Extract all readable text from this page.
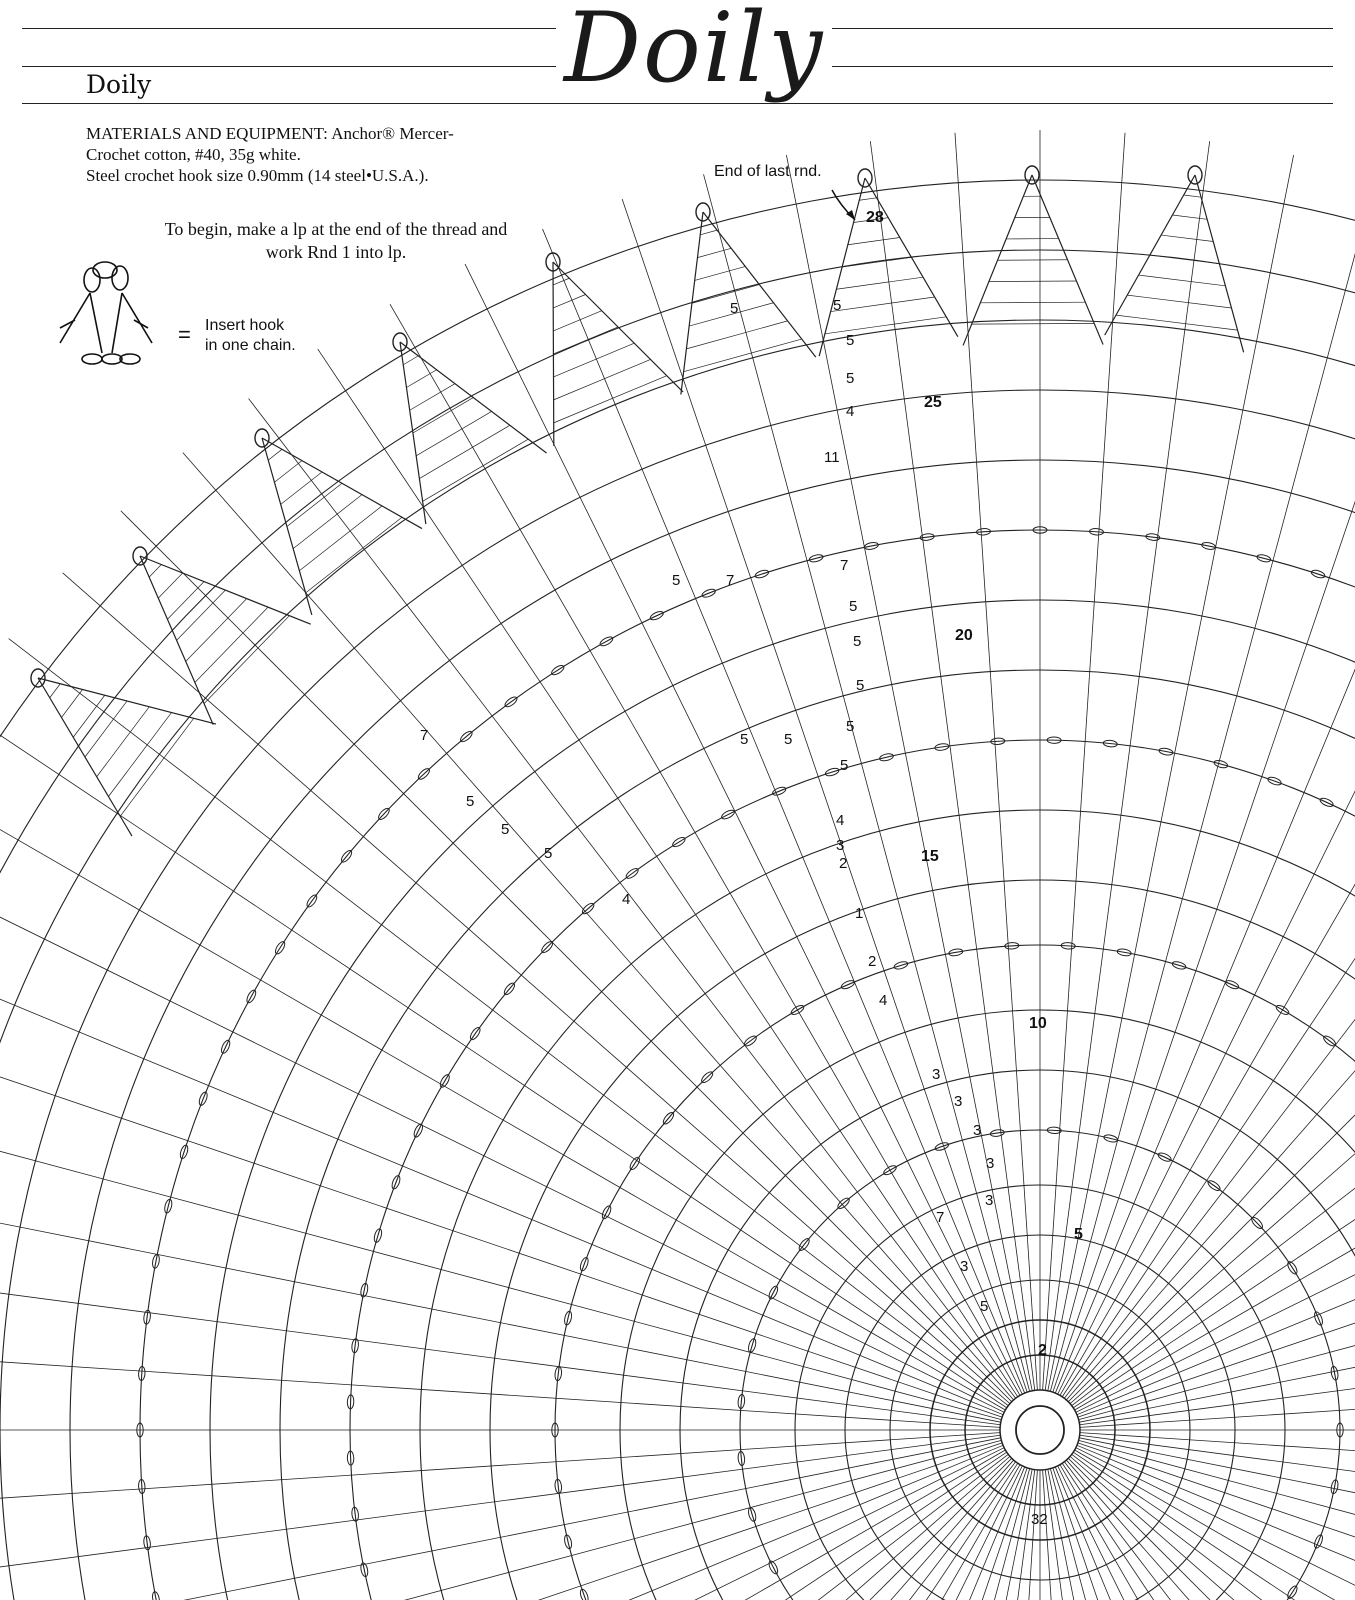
Doily
Doily
MATERIALS AND EQUIPMENT: Anchor® Mercer-
Crochet cotton, #40, 35g white.
Steel crochet hook size 0.90mm (14 steel•U.S.A.).
To begin, make a lp at the end of the thread and
work Rnd 1 into lp.
= Insert hook
in one chain.
End of last rnd.
28
25
20
15
10
5
2
32
5	5
5
5
4
11
7
5
5
5
5
5
4
3
2
1
2
4
7
5
5 5
5
4
5
5
7
3
3
3
3
3
3
5
7
